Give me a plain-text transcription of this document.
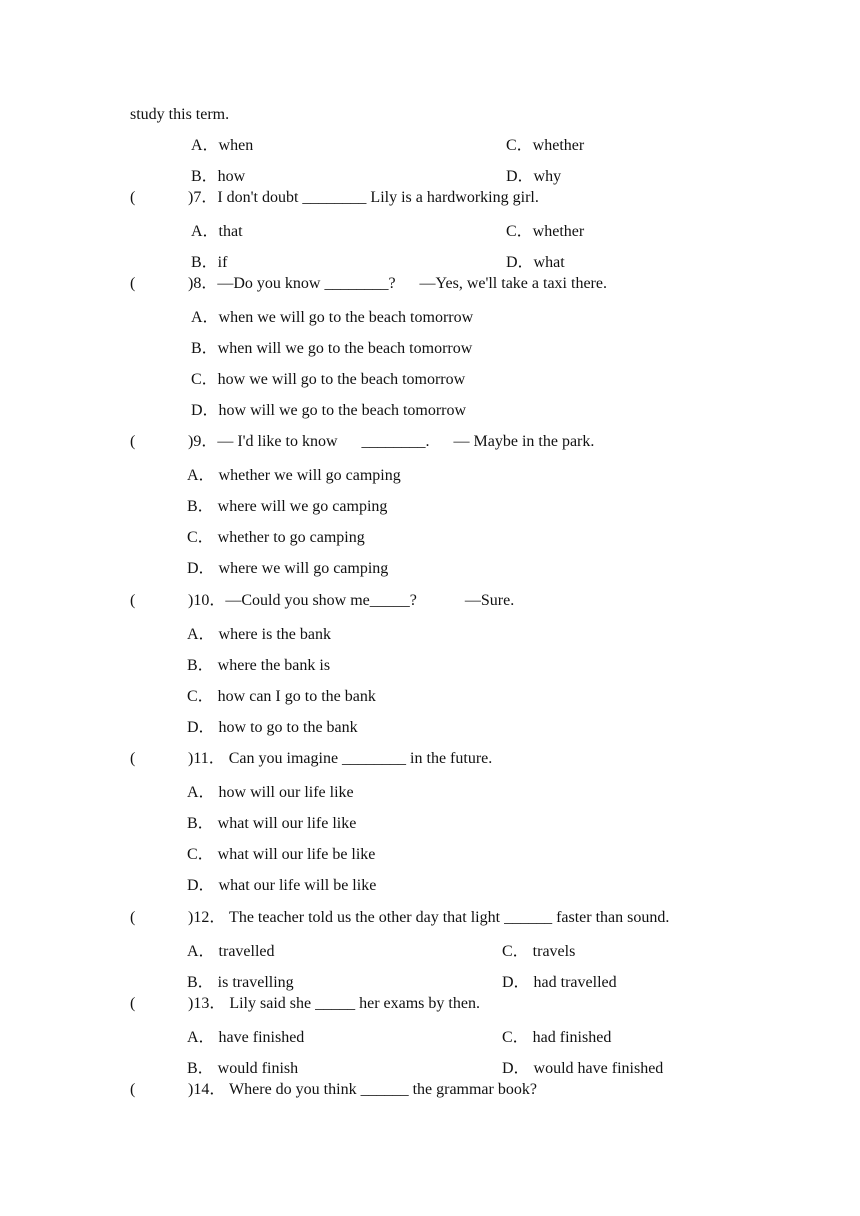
study this term.
A．when	C．whether
B．how	D．why
(	)7．I don't doubt ________ Lily is a hardworking girl.
A．that	C．whether
B．if	D．what
(	)8．—Do you know ________?      —Yes, we'll take a taxi there.
A．when we will go to the beach tomorrow
B．when will we go to the beach tomorrow
C．how we will go to the beach tomorrow
D．how will we go to the beach tomorrow
(	)9．— I'd like to know      ________.      — Maybe in the park.
A． whether we will go camping
B． where will we go camping
C． whether to go camping
D． where we will go camping
(	)10．—Could you show me_____?            —Sure.
A． where is the bank
B． where the bank is
C． how can I go to the bank
D． how to go to the bank
(	)11． Can you imagine ________ in the future.
A． how will our life like
B． what will our life like
C． what will our life be like
D． what our life will be like
(	)12． The teacher told us the other day that light ______ faster than sound.
A． travelled	C． travels
B． is travelling	D． had travelled
(	)13． Lily said she _____ her exams by then.
A． have finished	C． had finished
B． would finish	D． would have finished
(	)14． Where do you think ______ the grammar book?
